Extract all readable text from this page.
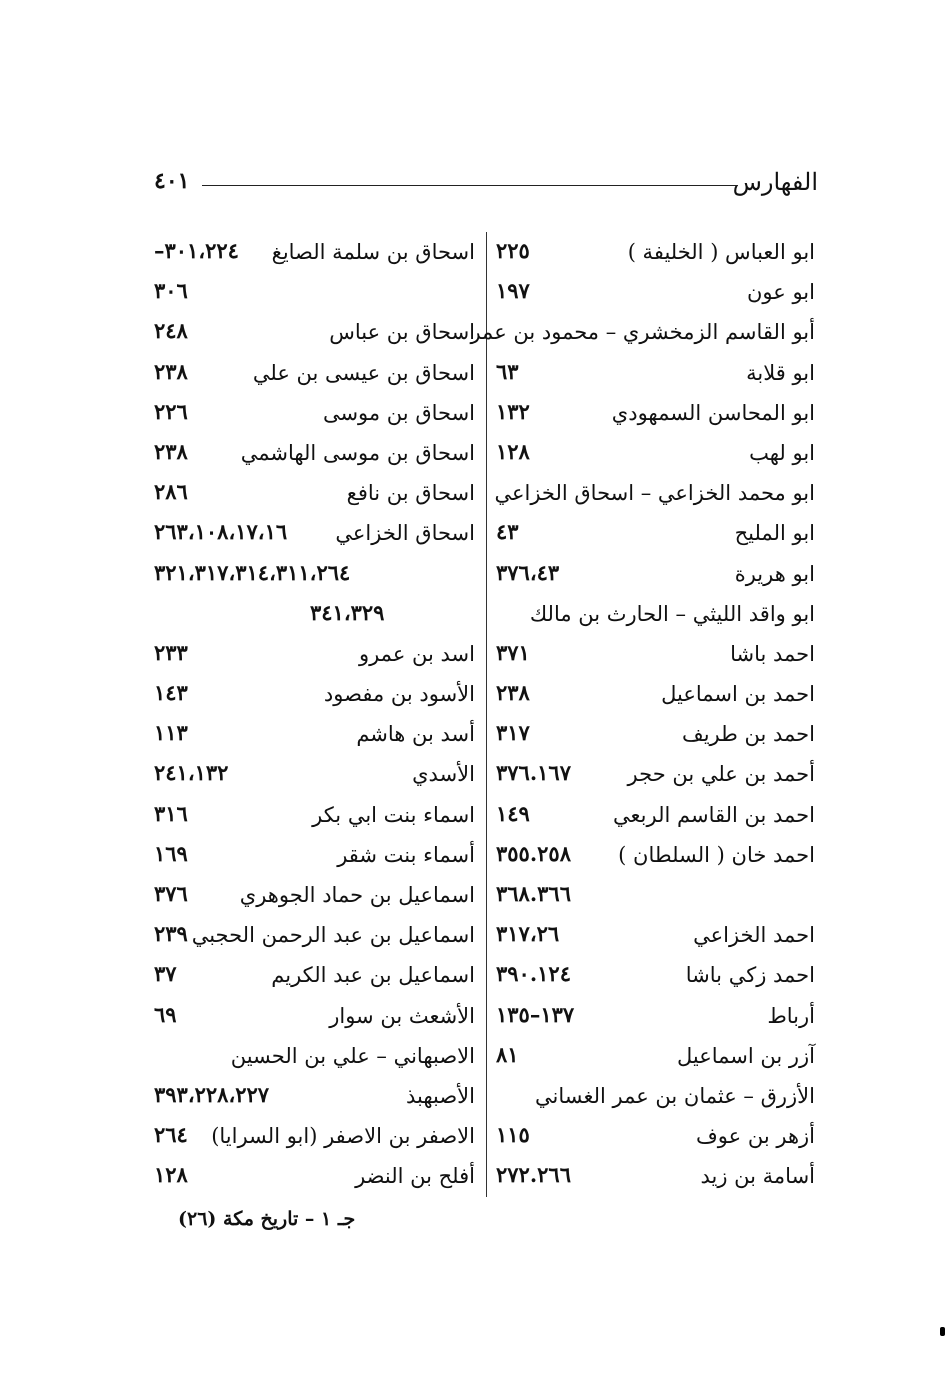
الفهارس
٤٠١
ابو العباس ( الخليفة )
٢٢٥
ابو عون
١٩٧
أبو القاسم الزمخشري – محمود بن عمر
ابو قلابة
٦٣
ابو المحاسن السمهودي
١٣٢
ابو لهب
١٢٨
ابو محمد الخزاعي – اسحاق الخزاعي
ابو المليح
٤٣
ابو هريرة
٣٧٦،٤٣
ابو واقد الليثي – الحارث بن مالك
احمد باشا
٣٧١
احمد بن اسماعيل
٢٣٨
احمد بن طريف
٣١٧
أحمد بن علي بن حجر
٣٧٦.١٦٧
احمد بن القاسم الربعي
١٤٩
احمد خان ( السلطان )
٣٥٥.٢٥٨
٣٦٨.٣٦٦
احمد الخزاعي
٣١٧،٢٦
احمد زكي باشا
٣٩٠.١٢٤
أرباط
١٣٧–١٣٥
آزر بن اسماعيل
٨١
الأزرق – عثمان بن عمر الغساني
أزهر بن عوف
١١٥
أسامة بن زيد
٢٧٢.٢٦٦
اسحاق بن سلمة الصايغ
–٣٠١،٢٢٤
٣٠٦
اسحاق بن عباس
٢٤٨
اسحاق بن عيسى بن علي
٢٣٨
اسحاق بن موسى
٢٢٦
اسحاق بن موسى الهاشمي
٢٣٨
اسحاق بن نافع
٢٨٦
اسحاق الخزاعي
٢٦٣،١٠٨،١٧،١٦
٣٢١،٣١٧،٣١٤،٣١١،٢٦٤
٣٤١،٣٢٩
اسد بن عمرو
٢٣٣
الأسود بن مفصود
١٤٣
أسد بن هاشم
١١٣
الأسدي
٢٤١،١٣٢
اسماء بنت ابي بكر
٣١٦
أسماء بنت شقر
١٦٩
اسماعيل بن حماد الجوهري
٣٧٦
اسماعيل بن عبد الرحمن الحجبي
٢٣٩
اسماعيل بن عبد الكريم
٣٧
الأشعث بن سوار
٦٩
الاصبهاني – علي بن الحسين
الأصبهبذ
٣٩٣،٢٢٨،٢٢٧
الاصفر بن الاصفر (ابو السرايا)
٢٦٤
أفلح بن النضر
١٢٨
جـ ١ – تاريخ مكة (٢٦)
